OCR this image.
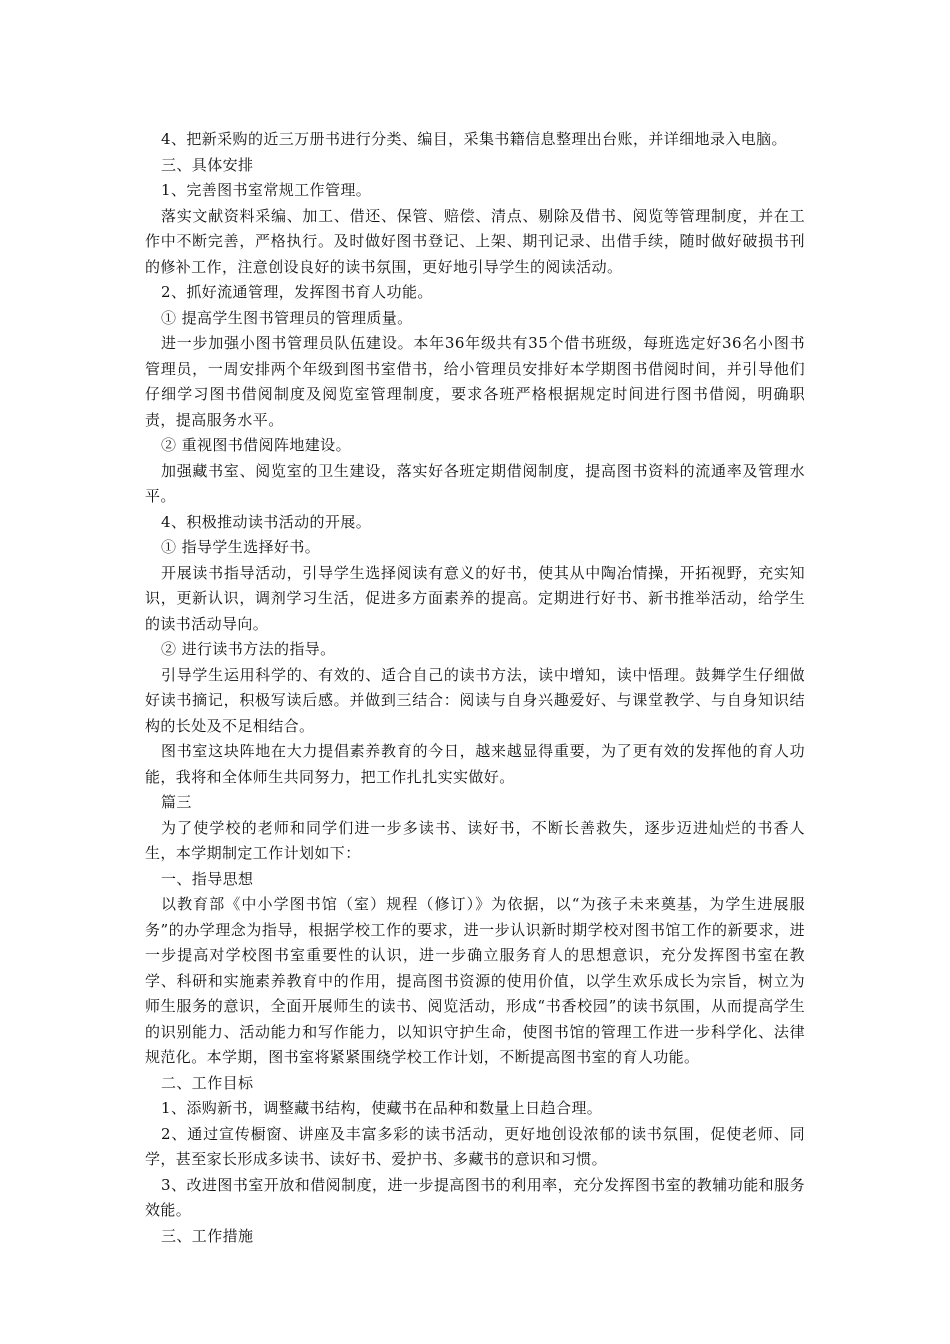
4、把新采购的近三万册书进行分类、编目，采集书籍信息整理出台账，并详细地录入电脑。

三、具体安排

1、完善图书室常规工作管理。

落实文献资料采编、加工、借还、保管、赔偿、清点、剔除及借书、阅览等管理制度，并在工作中不断完善，严格执行。及时做好图书登记、上架、期刊记录、出借手续，随时做好破损书刊的修补工作，注意创设良好的读书氛围，更好地引导学生的阅读活动。

2、抓好流通管理，发挥图书育人功能。

① 提高学生图书管理员的管理质量。

进一步加强小图书管理员队伍建设。本年36年级共有35个借书班级，每班选定好36名小图书管理员，一周安排两个年级到图书室借书，给小管理员安排好本学期图书借阅时间，并引导他们仔细学习图书借阅制度及阅览室管理制度，要求各班严格根据规定时间进行图书借阅，明确职责，提高服务水平。

② 重视图书借阅阵地建设。

加强藏书室、阅览室的卫生建设，落实好各班定期借阅制度，提高图书资料的流通率及管理水平。

4、积极推动读书活动的开展。

① 指导学生选择好书。

开展读书指导活动，引导学生选择阅读有意义的好书，使其从中陶冶情操，开拓视野，充实知识，更新认识，调剂学习生活，促进多方面素养的提高。定期进行好书、新书推举活动，给学生的读书活动导向。

② 进行读书方法的指导。

引导学生运用科学的、有效的、适合自己的读书方法，读中增知，读中悟理。鼓舞学生仔细做好读书摘记，积极写读后感。并做到三结合：阅读与自身兴趣爱好、与课堂教学、与自身知识结构的长处及不足相结合。

图书室这块阵地在大力提倡素养教育的今日，越来越显得重要，为了更有效的发挥他的育人功能，我将和全体师生共同努力，把工作扎扎实实做好。

篇三

为了使学校的老师和同学们进一步多读书、读好书，不断长善救失，逐步迈进灿烂的书香人生，本学期制定工作计划如下：

一、指导思想

以教育部《中小学图书馆（室）规程（修订）》为依据，以“为孩子未来奠基，为学生进展服务”的办学理念为指导，根据学校工作的要求，进一步认识新时期学校对图书馆工作的新要求，进一步提高对学校图书室重要性的认识，进一步确立服务育人的思想意识，充分发挥图书室在教学、科研和实施素养教育中的作用，提高图书资源的使用价值，以学生欢乐成长为宗旨，树立为师生服务的意识，全面开展师生的读书、阅览活动，形成“书香校园”的读书氛围，从而提高学生的识别能力、活动能力和写作能力，以知识守护生命，使图书馆的管理工作进一步科学化、法律规范化。本学期，图书室将紧紧围绕学校工作计划，不断提高图书室的育人功能。

二、工作目标

1、添购新书，调整藏书结构，使藏书在品种和数量上日趋合理。

2、通过宣传橱窗、讲座及丰富多彩的读书活动，更好地创设浓郁的读书氛围，促使老师、同学，甚至家长形成多读书、读好书、爱护书、多藏书的意识和习惯。

3、改进图书室开放和借阅制度，进一步提高图书的利用率，充分发挥图书室的教辅功能和服务效能。

三、工作措施
